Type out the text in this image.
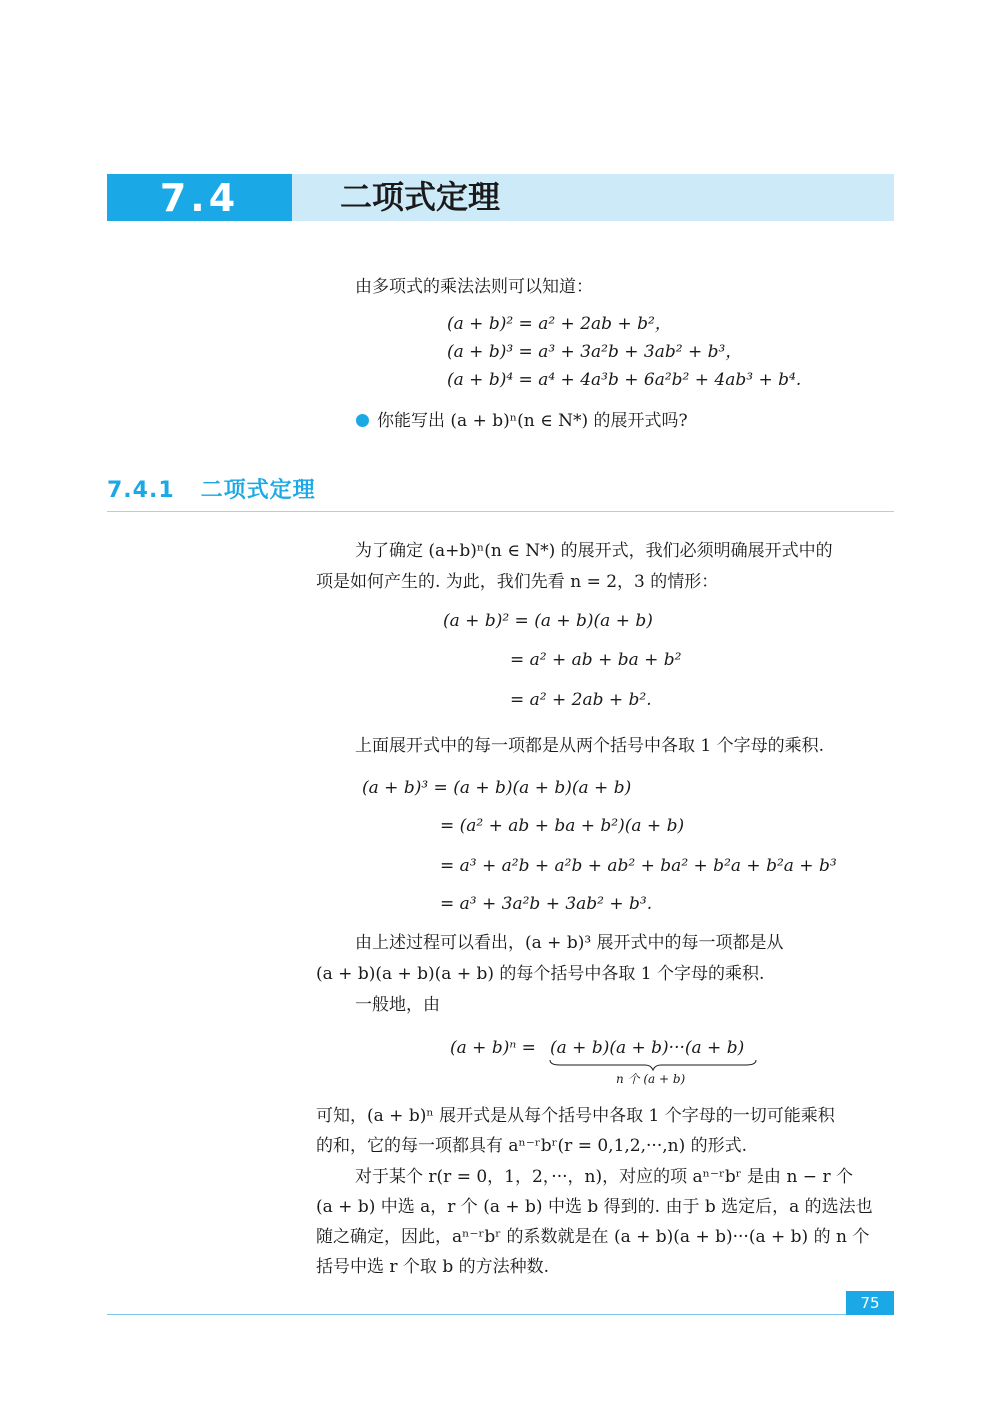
7.4	二项式定理
由多项式的乘法法则可以知道：
(a + b)² = a² + 2ab + b²，
(a + b)³ = a³ + 3a²b + 3ab² + b³，
(a + b)⁴ = a⁴ + 4a³b + 6a²b² + 4ab³ + b⁴.
你能写出 (a + b)ⁿ(n ∈ N*) 的展开式吗?
7.4.1 二项式定理
为了确定 (a+b)ⁿ(n ∈ N*) 的展开式，我们必须明确展开式中的
项是如何产生的. 为此，我们先看 n = 2，3 的情形：
(a + b)² = (a + b)(a + b)
= a² + ab + ba + b²
= a² + 2ab + b².
上面展开式中的每一项都是从两个括号中各取 1 个字母的乘积.
(a + b)³ = (a + b)(a + b)(a + b)
= (a² + ab + ba + b²)(a + b)
= a³ + a²b + a²b + ab² + ba² + b²a + b²a + b³
= a³ + 3a²b + 3ab² + b³.
由上述过程可以看出，(a + b)³ 展开式中的每一项都是从
(a + b)(a + b)(a + b) 的每个括号中各取 1 个字母的乘积.
一般地，由
(a + b)ⁿ = (a + b)(a + b)···(a + b)
n 个 (a + b)
可知，(a + b)ⁿ 展开式是从每个括号中各取 1 个字母的一切可能乘积
的和，它的每一项都具有 aⁿ⁻ʳbʳ(r = 0,1,2,···,n) 的形式.
对于某个 r(r = 0，1，2，···，n)，对应的项 aⁿ⁻ʳbʳ 是由 n − r 个
(a + b) 中选 a，r 个 (a + b) 中选 b 得到的. 由于 b 选定后，a 的选法也
随之确定，因此，aⁿ⁻ʳbʳ 的系数就是在 (a + b)(a + b)···(a + b) 的 n 个
括号中选 r 个取 b 的方法种数.
75
